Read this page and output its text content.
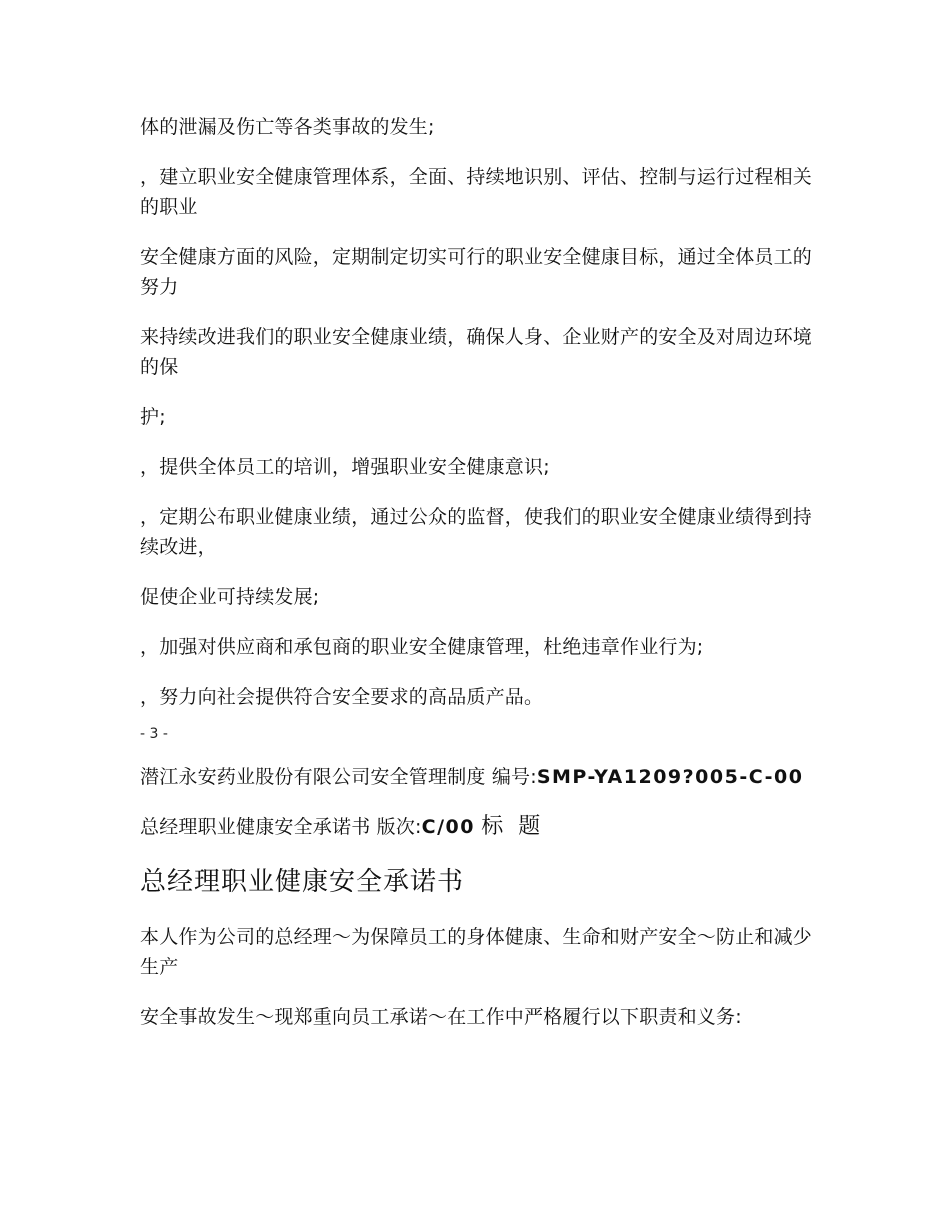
体的泄漏及伤亡等各类事故的发生;

，建立职业安全健康管理体系，全面、持续地识别、评估、控制与运行过程相关的职业

安全健康方面的风险，定期制定切实可行的职业安全健康目标，通过全体员工的努力

来持续改进我们的职业安全健康业绩，确保人身、企业财产的安全及对周边环境的保

护;

，提供全体员工的培训，增强职业安全健康意识;

，定期公布职业健康业绩，通过公众的监督，使我们的职业安全健康业绩得到持续改进，

促使企业可持续发展;

，加强对供应商和承包商的职业安全健康管理，杜绝违章作业行为;

，努力向社会提供符合安全要求的高品质产品。

- 3 -

潜江永安药业股份有限公司安全管理制度 编号:SMP-YA1209?005-C-00

总经理职业健康安全承诺书 版次:C/00 标 题

总经理职业健康安全承诺书

本人作为公司的总经理～为保障员工的身体健康、生命和财产安全～防止和减少生产

安全事故发生～现郑重向员工承诺～在工作中严格履行以下职责和义务:
